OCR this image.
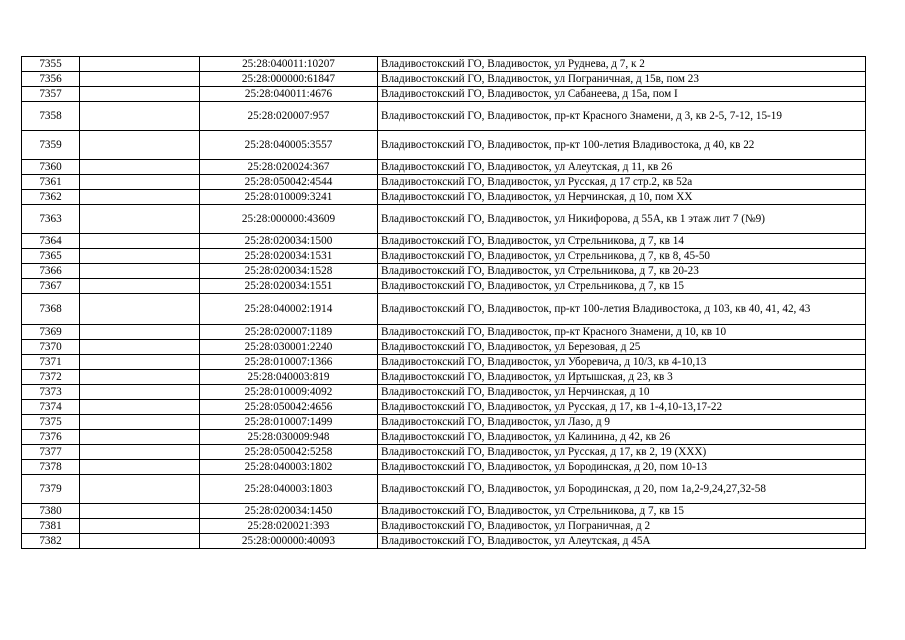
7355		25:28:040011:10207	Владивостокский ГО, Владивосток, ул Руднева, д 7, к 2
7356		25:28:000000:61847	Владивостокский ГО, Владивосток, ул Пограничная, д 15в, пом 23
7357		25:28:040011:4676	Владивостокский ГО, Владивосток, ул Сабанеева, д 15а, пом I
7358		25:28:020007:957	Владивостокский ГО, Владивосток, пр-кт Красного Знамени, д 3, кв 2-5, 7-12, 15-19
7359		25:28:040005:3557	Владивостокский ГО, Владивосток, пр-кт 100-летия Владивостока, д 40, кв 22
7360		25:28:020024:367	Владивостокский ГО, Владивосток, ул Алеутская, д 11, кв 26
7361		25:28:050042:4544	Владивостокский ГО, Владивосток, ул Русская, д 17 стр.2, кв 52а
7362		25:28:010009:3241	Владивостокский ГО, Владивосток, ул Нерчинская, д 10, пом XX
7363		25:28:000000:43609	Владивостокский ГО, Владивосток, ул Никифорова, д 55А, кв 1 этаж лит 7 (№9)
7364		25:28:020034:1500	Владивостокский ГО, Владивосток, ул Стрельникова, д 7, кв 14
7365		25:28:020034:1531	Владивостокский ГО, Владивосток, ул Стрельникова, д 7, кв 8, 45-50
7366		25:28:020034:1528	Владивостокский ГО, Владивосток, ул Стрельникова, д 7, кв 20-23
7367		25:28:020034:1551	Владивостокский ГО, Владивосток, ул Стрельникова, д 7, кв 15
7368		25:28:040002:1914	Владивостокский ГО, Владивосток, пр-кт 100-летия Владивостока, д 103, кв 40, 41, 42, 43
7369		25:28:020007:1189	Владивостокский ГО, Владивосток, пр-кт Красного Знамени, д 10, кв 10
7370		25:28:030001:2240	Владивостокский ГО, Владивосток, ул Березовая, д 25
7371		25:28:010007:1366	Владивостокский ГО, Владивосток, ул Уборевича, д 10/3, кв 4-10,13
7372		25:28:040003:819	Владивостокский ГО, Владивосток, ул Иртышская, д 23, кв 3
7373		25:28:010009:4092	Владивостокский ГО, Владивосток, ул Нерчинская, д 10
7374		25:28:050042:4656	Владивостокский ГО, Владивосток, ул Русская, д 17, кв 1-4,10-13,17-22
7375		25:28:010007:1499	Владивостокский ГО, Владивосток, ул Лазо, д 9
7376		25:28:030009:948	Владивостокский ГО, Владивосток, ул Калинина, д 42, кв 26
7377		25:28:050042:5258	Владивостокский ГО, Владивосток, ул Русская, д 17, кв 2, 19 (XXX)
7378		25:28:040003:1802	Владивостокский ГО, Владивосток, ул Бородинская, д 20, пом 10-13
7379		25:28:040003:1803	Владивостокский ГО, Владивосток, ул Бородинская, д 20, пом 1а,2-9,24,27,32-58
7380		25:28:020034:1450	Владивостокский ГО, Владивосток, ул Стрельникова, д 7, кв 15
7381		25:28:020021:393	Владивостокский ГО, Владивосток, ул Пограничная, д 2
7382		25:28:000000:40093	Владивостокский ГО, Владивосток, ул Алеутская, д 45А
